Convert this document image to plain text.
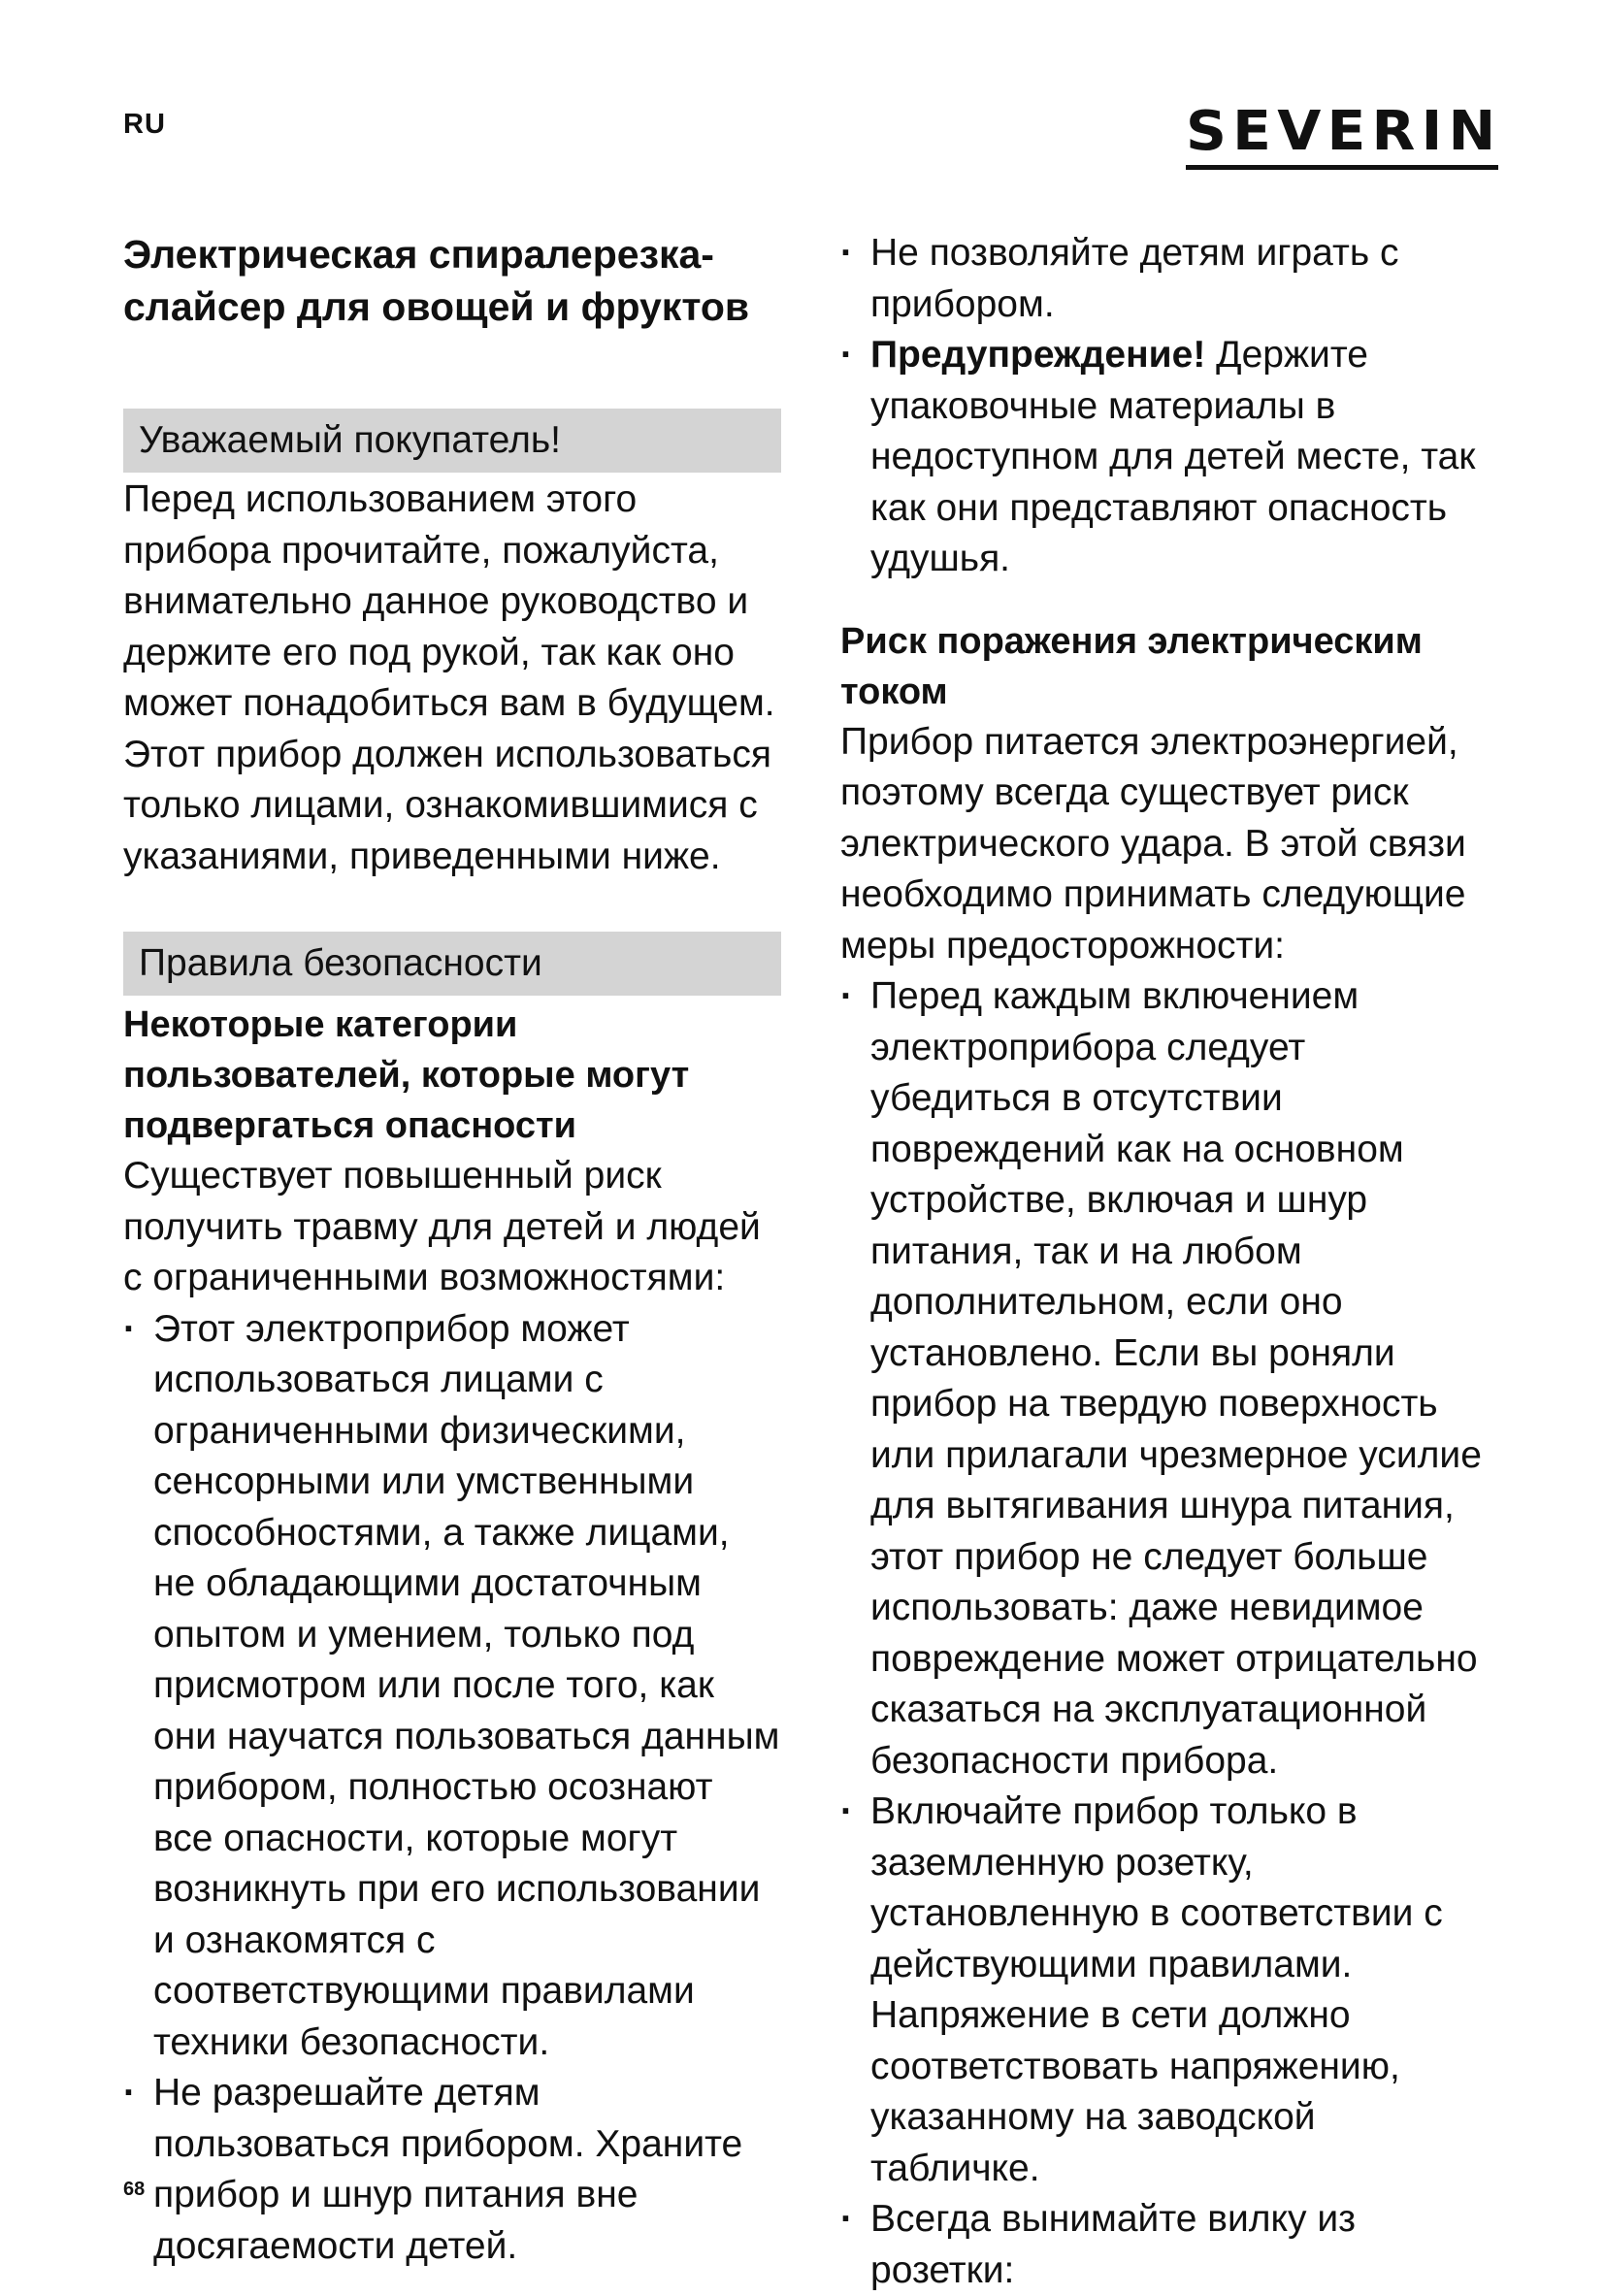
RU	SEVERIN
Электрическая спиралерезка-
слайсер для овощей и фруктов
Уважаемый покупатель!

Перед использованием этого прибора прочитайте, пожалуйста, внимательно данное руководство и держите его под рукой, так как оно может понадобиться вам в будущем. Этот прибор должен использоваться только лицами, ознакомившимися с указаниями, приведенными ниже.

Правила безопасности
Некоторые категории пользователей, которые могут подвергаться опасности

Существует повышенный риск получить травму для детей и людей с ограниченными возможностями:

· Этот электроприбор может использоваться лицами с ограниченными физическими, сенсорными или умственными способностями, а также лицами, не обладающими достаточным опытом и умением, только под присмотром или после того, как они научатся пользоваться данным прибором, полностью осознают все опасности, которые могут возникнуть при его использовании и ознакомятся с соответствующими правилами техники безопасности.
· Не разрешайте детям пользоваться прибором. Храните прибор и шнур питания вне досягаемости детей.
· Не позволяйте детям играть с прибором.
· Предупреждение! Держите упаковочные материалы в недоступном для детей месте, так как они представляют опасность удушья.
Риск поражения электрическим током

Прибор питается электроэнергией, поэтому всегда существует риск электрического удара. В этой связи необходимо принимать следующие меры предосторожности:

· Перед каждым включением электроприбора следует убедиться в отсутствии повреждений как на основном устройстве, включая и шнур питания, так и на любом дополнительном, если оно установлено. Если вы роняли прибор на твердую поверхность или прилагали чрезмерное усилие для вытягивания шнура питания, этот прибор не следует больше использовать: даже невидимое повреждение может отрицательно сказаться на эксплуатационной безопасности прибора.
· Включайте прибор только в заземленную розетку, установленную в соответствии с действующими правилами. Напряжение в сети должно соответствовать напряжению, указанному на заводской табличке.
· Всегда вынимайте вилку из розетки:
68
